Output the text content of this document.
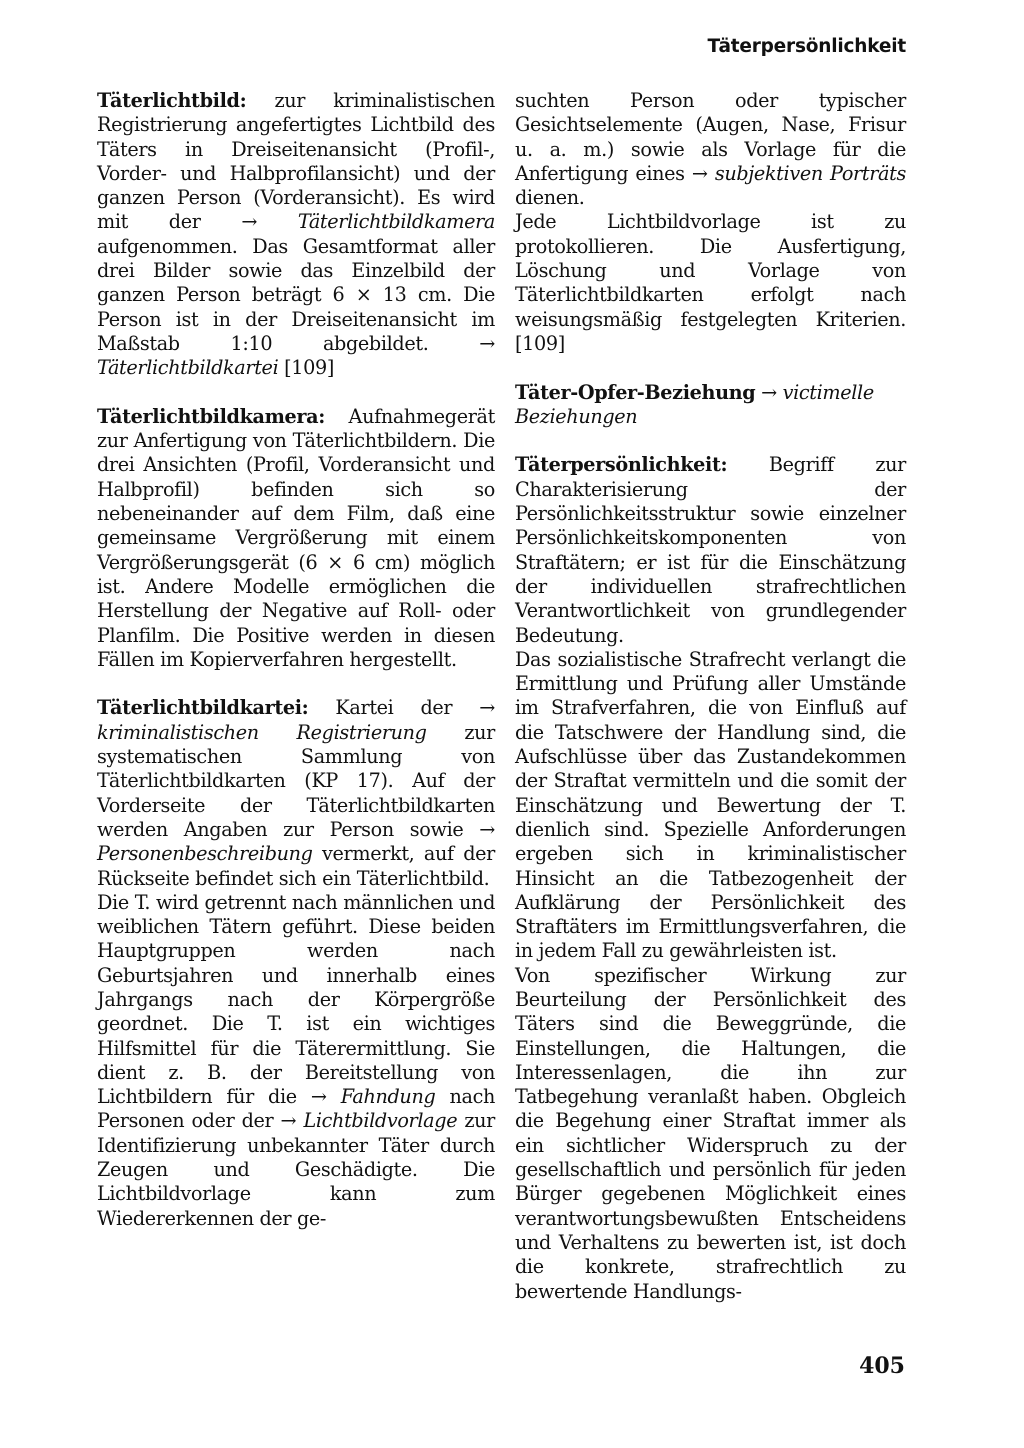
Täterpersönlichkeit

Täterlichtbild: zur kriminalistischen Registrierung angefertigtes Lichtbild des Täters in Dreiseitenansicht (Profil-, Vorder- und Halbprofilansicht) und der ganzen Person (Vorderansicht). Es wird mit der → Täterlichtbildkamera aufgenommen. Das Gesamtformat aller drei Bilder sowie das Einzelbild der ganzen Person beträgt 6 × 13 cm. Die Person ist in der Dreiseitenansicht im Maßstab 1:10 abgebildet. → Täterlichtbildkartei [109]

Täterlichtbildkamera: Aufnahmegerät zur Anfertigung von Täterlichtbildern. Die drei Ansichten (Profil, Vorderansicht und Halbprofil) befinden sich so nebeneinander auf dem Film, daß eine gemeinsame Vergrößerung mit einem Vergrößerungsgerät (6 × 6 cm) möglich ist. Andere Modelle ermöglichen die Herstellung der Negative auf Roll- oder Planfilm. Die Positive werden in diesen Fällen im Kopierverfahren hergestellt.

Täterlichtbildkartei: Kartei der → kriminalistischen Registrierung zur systematischen Sammlung von Täterlichtbildkarten (KP 17). Auf der Vorderseite der Täterlichtbildkarten werden Angaben zur Person sowie → Personenbeschreibung vermerkt, auf der Rückseite befindet sich ein Täterlichtbild.

Die T. wird getrennt nach männlichen und weiblichen Tätern geführt. Diese beiden Hauptgruppen werden nach Geburtsjahren und innerhalb eines Jahrgangs nach der Körpergröße geordnet. Die T. ist ein wichtiges Hilfsmittel für die Täterermittlung. Sie dient z. B. der Bereitstellung von Lichtbildern für die → Fahndung nach Personen oder der → Lichtbildvorlage zur Identifizierung unbekannter Täter durch Zeugen und Geschädigte. Die Lichtbildvorlage kann zum Wiedererkennen der ge-

suchten Person oder typischer Gesichtselemente (Augen, Nase, Frisur u. a. m.) sowie als Vorlage für die Anfertigung eines → subjektiven Porträts dienen.

Jede Lichtbildvorlage ist zu protokollieren. Die Ausfertigung, Löschung und Vorlage von Täterlichtbildkarten erfolgt nach weisungsmäßig festgelegten Kriterien. [109]

Täter-Opfer-Beziehung → victimelle Beziehungen

Täterpersönlichkeit: Begriff zur Charakterisierung der Persönlichkeitsstruktur sowie einzelner Persönlichkeitskomponenten von Straftätern; er ist für die Einschätzung der individuellen strafrechtlichen Verantwortlichkeit von grundlegender Bedeutung.

Das sozialistische Strafrecht verlangt die Ermittlung und Prüfung aller Umstände im Strafverfahren, die von Einfluß auf die Tatschwere der Handlung sind, die Aufschlüsse über das Zustandekommen der Straftat vermitteln und die somit der Einschätzung und Bewertung der T. dienlich sind. Spezielle Anforderungen ergeben sich in kriminalistischer Hinsicht an die Tatbezogenheit der Aufklärung der Persönlichkeit des Straftäters im Ermittlungsverfahren, die in jedem Fall zu gewährleisten ist.

Von spezifischer Wirkung zur Beurteilung der Persönlichkeit des Täters sind die Beweggründe, die Einstellungen, die Haltungen, die Interessenlagen, die ihn zur Tatbegehung veranlaßt haben. Obgleich die Begehung einer Straftat immer als ein sichtlicher Widerspruch zu der gesellschaftlich und persönlich für jeden Bürger gegebenen Möglichkeit eines verantwortungsbewußten Entscheidens und Verhaltens zu bewerten ist, ist doch die konkrete, strafrechtlich zu bewertende Handlungs-

405
